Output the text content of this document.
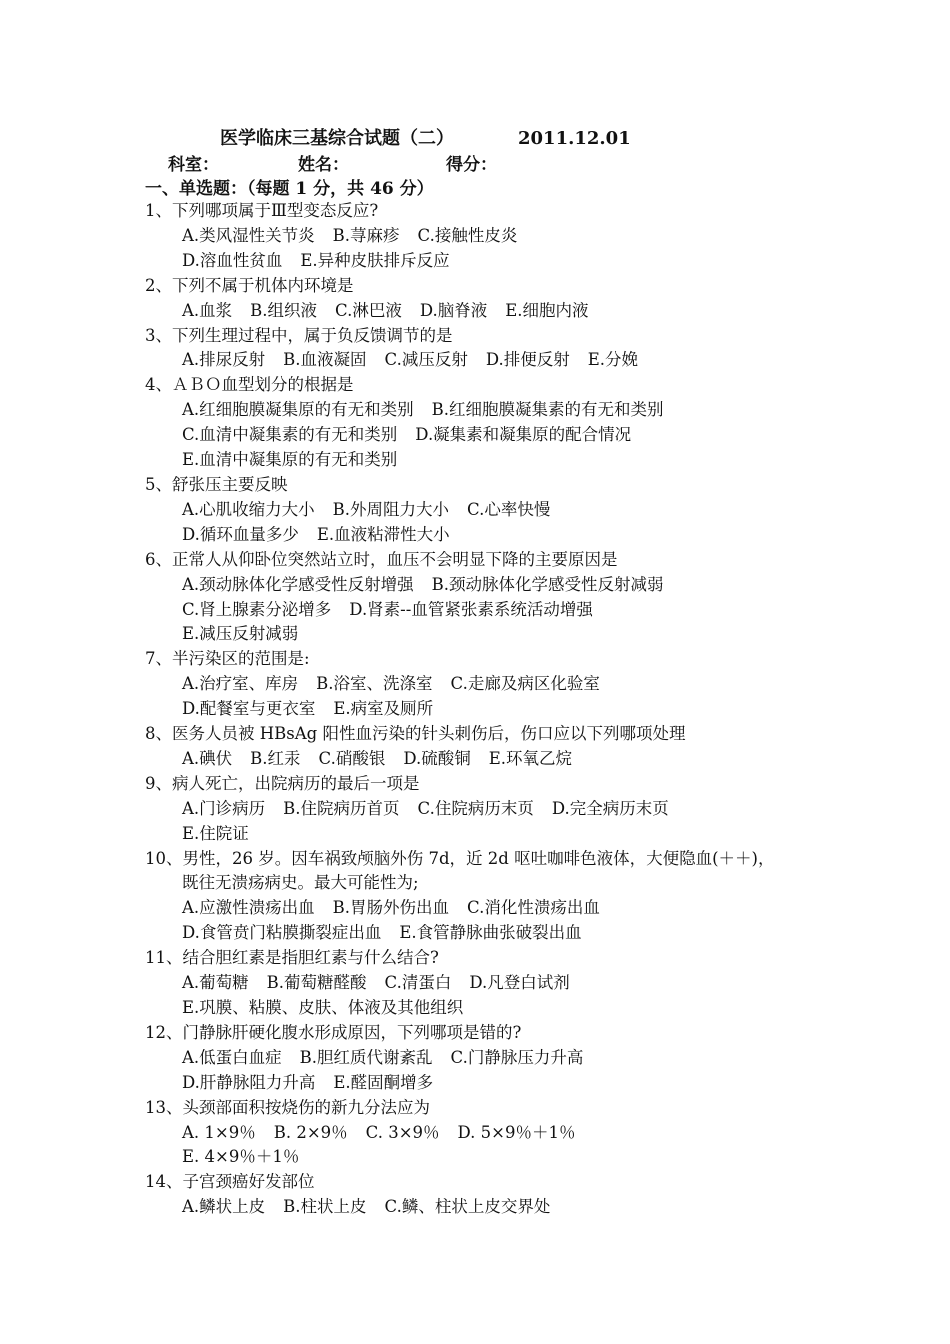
医学临床三基综合试题（二）	2011.12.01
科室：	姓名：	得分：
一、单选题：（每题 1 分，共 46 分）
1、下列哪项属于Ⅲ型变态反应?
A.类风湿性关节炎 B.荨麻疹 C.接触性皮炎
D.溶血性贫血 E.异种皮肤排斥反应
2、下列不属于机体内环境是
A.血浆 B.组织液 C.淋巴液 D.脑脊液 E.细胞内液
3、下列生理过程中，属于负反馈调节的是
A.排尿反射 B.血液凝固 C.减压反射 D.排便反射 E.分娩
4、ＡＢＯ血型划分的根据是
A.红细胞膜凝集原的有无和类别 B.红细胞膜凝集素的有无和类别
C.血清中凝集素的有无和类别 D.凝集素和凝集原的配合情况
E.血清中凝集原的有无和类别
5、舒张压主要反映
A.心肌收缩力大小 B.外周阻力大小 C.心率快慢
D.循环血量多少 E.血液粘滞性大小
6、正常人从仰卧位突然站立时，血压不会明显下降的主要原因是
A.颈动脉体化学感受性反射增强 B.颈动脉体化学感受性反射减弱
C.肾上腺素分泌增多 D.肾素--血管紧张素系统活动增强
E.减压反射减弱
7、半污染区的范围是:
A.治疗室、库房 B.浴室、洗涤室 C.走廊及病区化验室
D.配餐室与更衣室 E.病室及厕所
8、医务人员被 HBsAg 阳性血污染的针头刺伤后，伤口应以下列哪项处理
A.碘伏 B.红汞 C.硝酸银 D.硫酸铜 E.环氧乙烷
9、病人死亡，出院病历的最后一项是
A.门诊病历 B.住院病历首页 C.住院病历末页 D.完全病历末页
E.住院证
10、男性，26 岁。因车祸致颅脑外伤 7d，近 2d 呕吐咖啡色液体，大便隐血(＋＋)，
既往无溃疡病史。最大可能性为;
A.应激性溃疡出血 B.胃肠外伤出血 C.消化性溃疡出血
D.食管贲门粘膜撕裂症出血 E.食管静脉曲张破裂出血
11、结合胆红素是指胆红素与什么结合?
A.葡萄糖 B.葡萄糖醛酸 C.清蛋白 D.凡登白试剂
E.巩膜、粘膜、皮肤、体液及其他组织
12、门静脉肝硬化腹水形成原因，下列哪项是错的?
A.低蛋白血症 B.胆红质代谢紊乱 C.门静脉压力升高
D.肝静脉阻力升高 E.醛固酮增多
13、头颈部面积按烧伤的新九分法应为
A. 1×9％ B. 2×9％ C. 3×9％ D. 5×9％＋1％
E. 4×9％＋1％
14、子宫颈癌好发部位
A.鳞状上皮 B.柱状上皮 C.鳞、柱状上皮交界处
